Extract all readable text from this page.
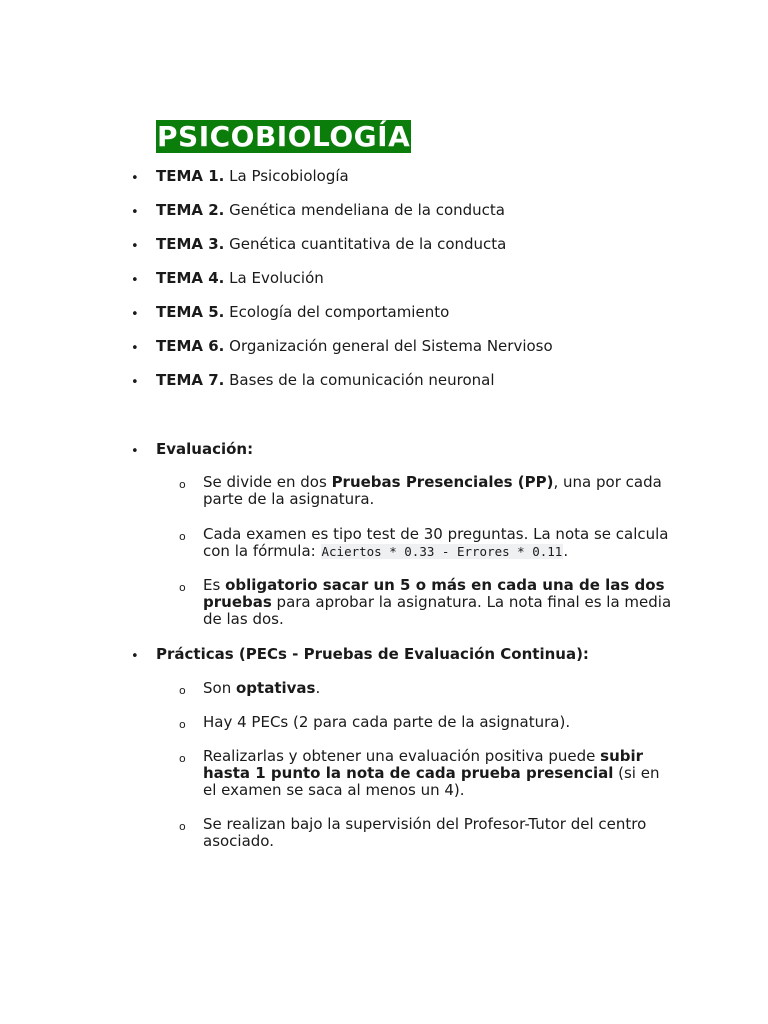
PSICOBIOLOGÍA
• TEMA 1. La Psicobiología
• TEMA 2. Genética mendeliana de la conducta
• TEMA 3. Genética cuantitativa de la conducta
• TEMA 4. La Evolución
• TEMA 5. Ecología del comportamiento
• TEMA 6. Organización general del Sistema Nervioso
• TEMA 7. Bases de la comunicación neuronal
• Evaluación:
o Se divide en dos Pruebas Presenciales (PP), una por cada parte de la asignatura.
o Cada examen es tipo test de 30 preguntas. La nota se calcula con la fórmula: Aciertos * 0.33 - Errores * 0.11.
o Es obligatorio sacar un 5 o más en cada una de las dos pruebas para aprobar la asignatura. La nota final es la media de las dos.
• Prácticas (PECs - Pruebas de Evaluación Continua):
o Son optativas.
o Hay 4 PECs (2 para cada parte de la asignatura).
o Realizarlas y obtener una evaluación positiva puede subir hasta 1 punto la nota de cada prueba presencial (si en el examen se saca al menos un 4).
o Se realizan bajo la supervisión del Profesor-Tutor del centro asociado.
